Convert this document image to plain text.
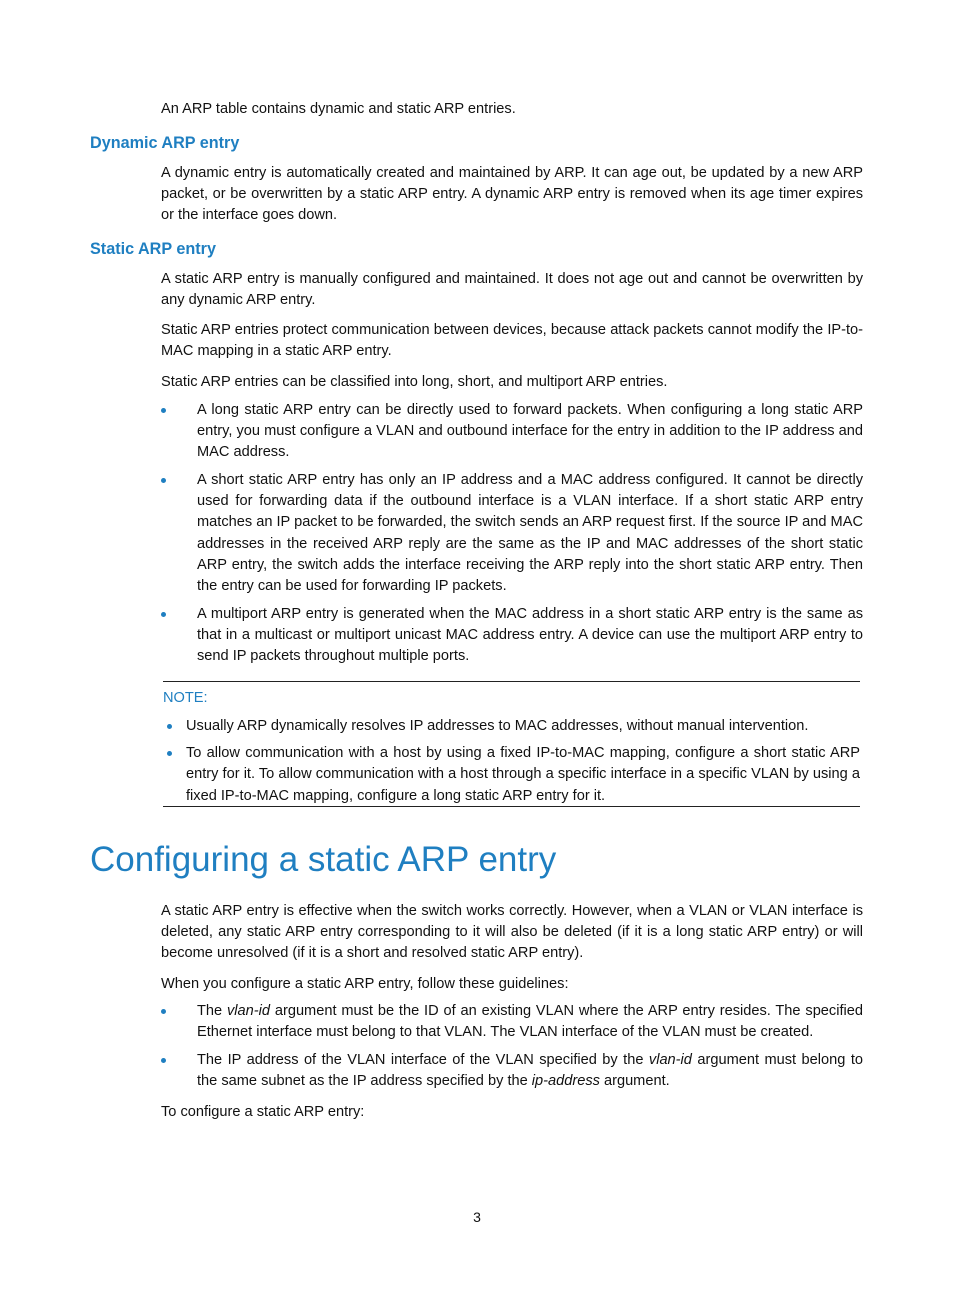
An ARP table contains dynamic and static ARP entries.
Dynamic ARP entry
A dynamic entry is automatically created and maintained by ARP. It can age out, be updated by a new ARP packet, or be overwritten by a static ARP entry. A dynamic ARP entry is removed when its age timer expires or the interface goes down.
Static ARP entry
A static ARP entry is manually configured and maintained. It does not age out and cannot be overwritten by any dynamic ARP entry.
Static ARP entries protect communication between devices, because attack packets cannot modify the IP-to-MAC mapping in a static ARP entry.
Static ARP entries can be classified into long, short, and multiport ARP entries.
A long static ARP entry can be directly used to forward packets. When configuring a long static ARP entry, you must configure a VLAN and outbound interface for the entry in addition to the IP address and MAC address.
A short static ARP entry has only an IP address and a MAC address configured. It cannot be directly used for forwarding data if the outbound interface is a VLAN interface. If a short static ARP entry matches an IP packet to be forwarded, the switch sends an ARP request first. If the source IP and MAC addresses in the received ARP reply are the same as the IP and MAC addresses of the short static ARP entry, the switch adds the interface receiving the ARP reply into the short static ARP entry. Then the entry can be used for forwarding IP packets.
A multiport ARP entry is generated when the MAC address in a short static ARP entry is the same as that in a multicast or multiport unicast MAC address entry. A device can use the multiport ARP entry to send IP packets throughout multiple ports.
NOTE:
Usually ARP dynamically resolves IP addresses to MAC addresses, without manual intervention.
To allow communication with a host by using a fixed IP-to-MAC mapping, configure a short static ARP entry for it. To allow communication with a host through a specific interface in a specific VLAN by using a fixed IP-to-MAC mapping, configure a long static ARP entry for it.
Configuring a static ARP entry
A static ARP entry is effective when the switch works correctly. However, when a VLAN or VLAN interface is deleted, any static ARP entry corresponding to it will also be deleted (if it is a long static ARP entry) or will become unresolved (if it is a short and resolved static ARP entry).
When you configure a static ARP entry, follow these guidelines:
The vlan-id argument must be the ID of an existing VLAN where the ARP entry resides. The specified Ethernet interface must belong to that VLAN. The VLAN interface of the VLAN must be created.
The IP address of the VLAN interface of the VLAN specified by the vlan-id argument must belong to the same subnet as the IP address specified by the ip-address argument.
To configure a static ARP entry:
3
